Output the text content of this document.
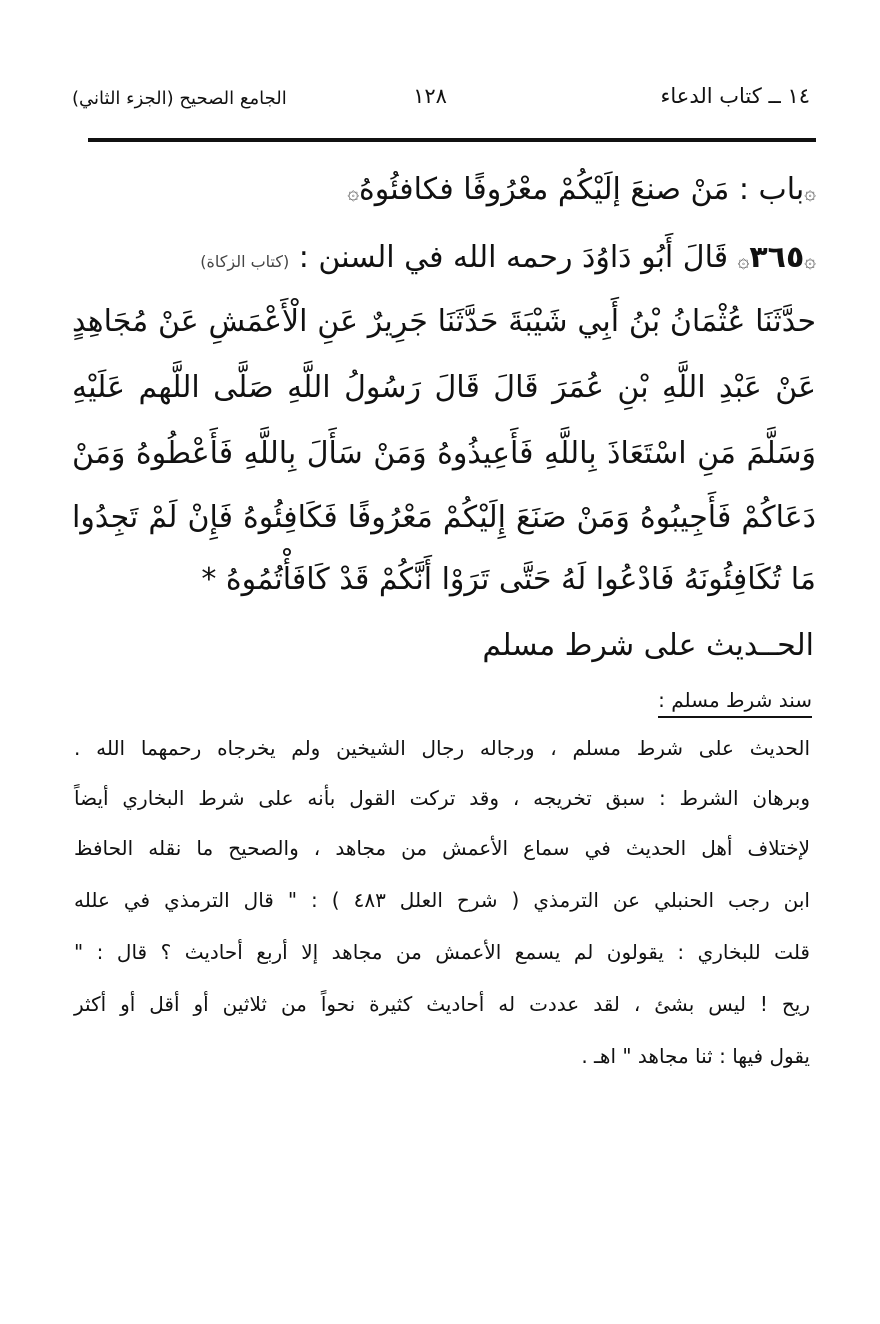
١٤ ــ كتاب الدعاء
١٢٨
الجامع الصحيح (الجزء الثاني)
۞باب : مَنْ صنعَ إلَيْكُمْ معْرُوفًا فكافئُوهُ۞
۞٣٦٥۞ قَالَ أَبُو دَاوُدَ رحمه الله في السنن : (كتاب الزكاة)
حدَّثَنَا عُثْمَانُ بْنُ أَبِي شَيْبَةَ حَدَّثَنَا جَرِيرٌ عَنِ الْأَعْمَشِ عَنْ مُجَاهِدٍ
عَنْ عَبْدِ اللَّهِ بْنِ عُمَرَ قَالَ قَالَ رَسُولُ اللَّهِ صَلَّى اللَّهم عَلَيْهِ
وَسَلَّمَ مَنِ اسْتَعَاذَ بِاللَّهِ فَأَعِيذُوهُ وَمَنْ سَأَلَ بِاللَّهِ فَأَعْطُوهُ وَمَنْ
دَعَاكُمْ فَأَجِيبُوهُ وَمَنْ صَنَعَ إِلَيْكُمْ مَعْرُوفًا فَكَافِئُوهُ فَإِنْ لَمْ تَجِدُوا
مَا تُكَافِئُونَهُ فَادْعُوا لَهُ حَتَّى تَرَوْا أَنَّكُمْ قَدْ كَافَأْتُمُوهُ *
الحــديث على شرط مسلم
سند شرط مسلم :
الحديث على شرط مسلم ، ورجاله رجال الشيخين ولم يخرجاه رحمهما الله .
وبرهان الشرط : سبق تخريجه ، وقد تركت القول بأنه على شرط البخاري أيضاً
لإختلاف أهل الحديث في سماع الأعمش من مجاهد ، والصحيح ما نقله الحافظ
ابن رجب الحنبلي عن الترمذي ( شرح العلل ٤٨٣ ) : " قال الترمذي في علله
قلت للبخاري : يقولون لم يسمع الأعمش من مجاهد إلا أربع أحاديث ؟ قال : "
ريح ! ليس بشئ ، لقد عددت له أحاديث كثيرة نحواً من ثلاثين أو أقل أو أكثر
يقول فيها : ثنا مجاهد " اهـ .
